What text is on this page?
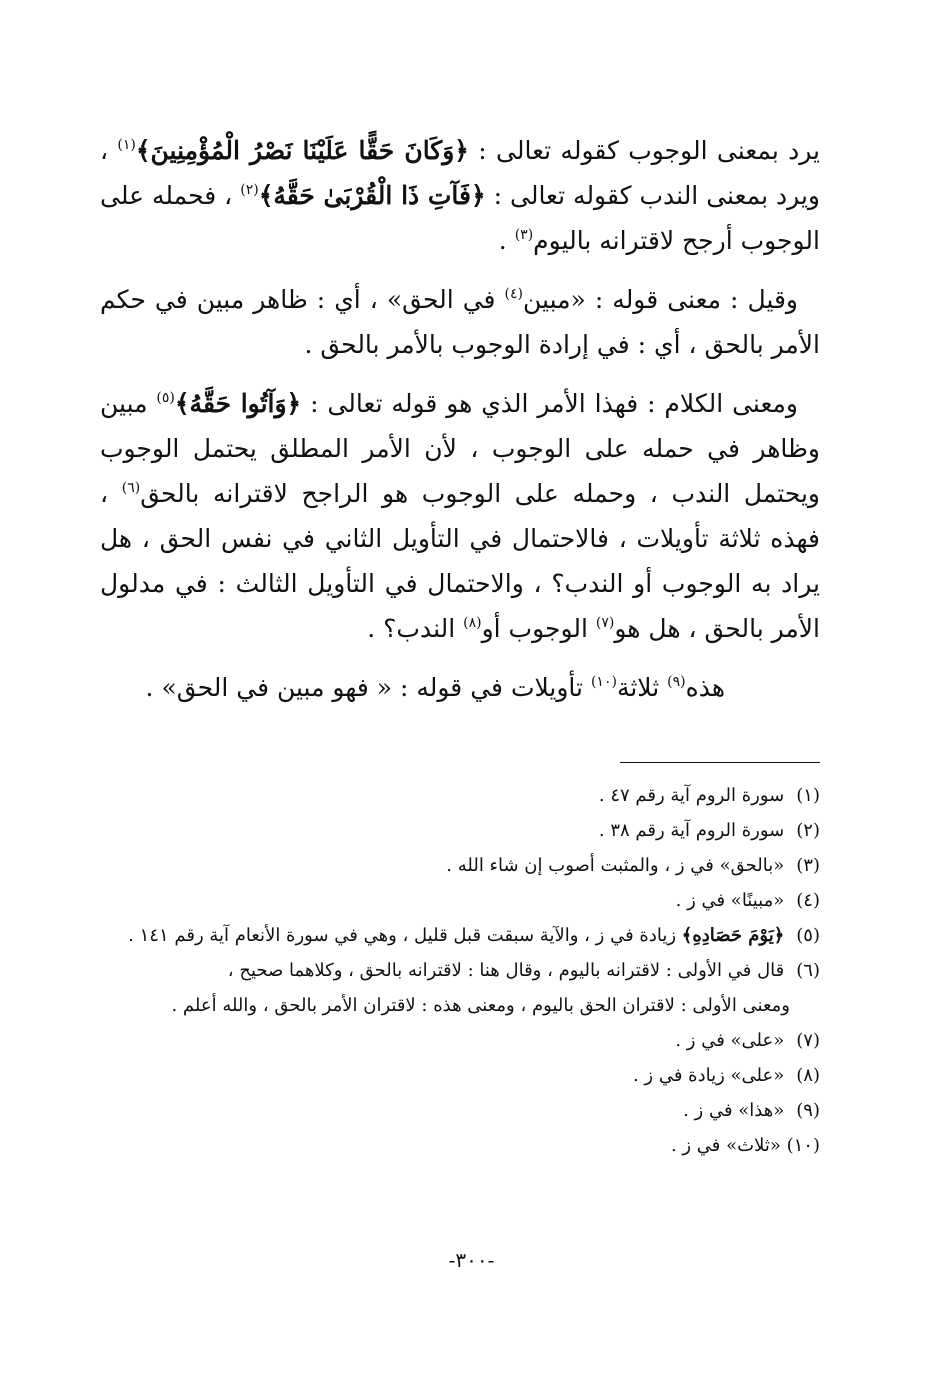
يرد بمعنى الوجوب كقوله تعالى : ﴿وَكَانَ حَقًّا عَلَيْنَا نَصْرُ الْمُؤْمِنِينَ﴾$^{(١)}$ ، ويرد بمعنى الندب كقوله تعالى : ﴿فَآتِ ذَا الْقُرْبَىٰ حَقَّهُ﴾$^{(٢)}$ ، فحمله على الوجوب أرجح لاقترانه باليوم$^{(٣)}$ .

وقيل : معنى قوله : «مبين$^{(٤)}$ في الحق» ، أي : ظاهر مبين في حكم الأمر بالحق ، أي : في إرادة الوجوب بالأمر بالحق .

ومعنى الكلام : فهذا الأمر الذي هو قوله تعالى : ﴿وَآتُوا حَقَّهُ﴾$^{(٥)}$ مبين وظاهر في حمله على الوجوب ، لأن الأمر المطلق يحتمل الوجوب ويحتمل الندب ، وحمله على الوجوب هو الراجح لاقترانه بالحق$^{(٦)}$ ، فهذه ثلاثة تأويلات ، فالاحتمال في التأويل الثاني في نفس الحق ، هل يراد به الوجوب أو الندب؟ ، والاحتمال في التأويل الثالث : في مدلول الأمر بالحق ، هل هو$^{(٧)}$ الوجوب أو$^{(٨)}$ الندب؟ .

هذه$^{(٩)}$ ثلاثة$^{(١٠)}$ تأويلات في قوله : « فهو مبين في الحق» .

(١) سورة الروم آية رقم ٤٧ .

(٢) سورة الروم آية رقم ٣٨ .

(٣) «بالحق» في ز ، والمثبت أصوب إن شاء الله .

(٤) «مبينًا» في ز .

(٥) ﴿يَوْمَ حَصَادِهِ﴾ زيادة في ز ، والآية سبقت قبل قليل ، وهي في سورة الأنعام آية رقم ١٤١ .

(٦) قال في الأولى : لاقترانه باليوم ، وقال هنا : لاقترانه بالحق ، وكلاهما صحيح ،

ومعنى الأولى : لاقتران الحق باليوم ، ومعنى هذه : لاقتران الأمر بالحق ، والله أعلم .

(٧) «على» في ز .

(٨) «على» زيادة في ز .

(٩) «هذا» في ز .

(١٠) «ثلاث» في ز .

-٣٠٠-
